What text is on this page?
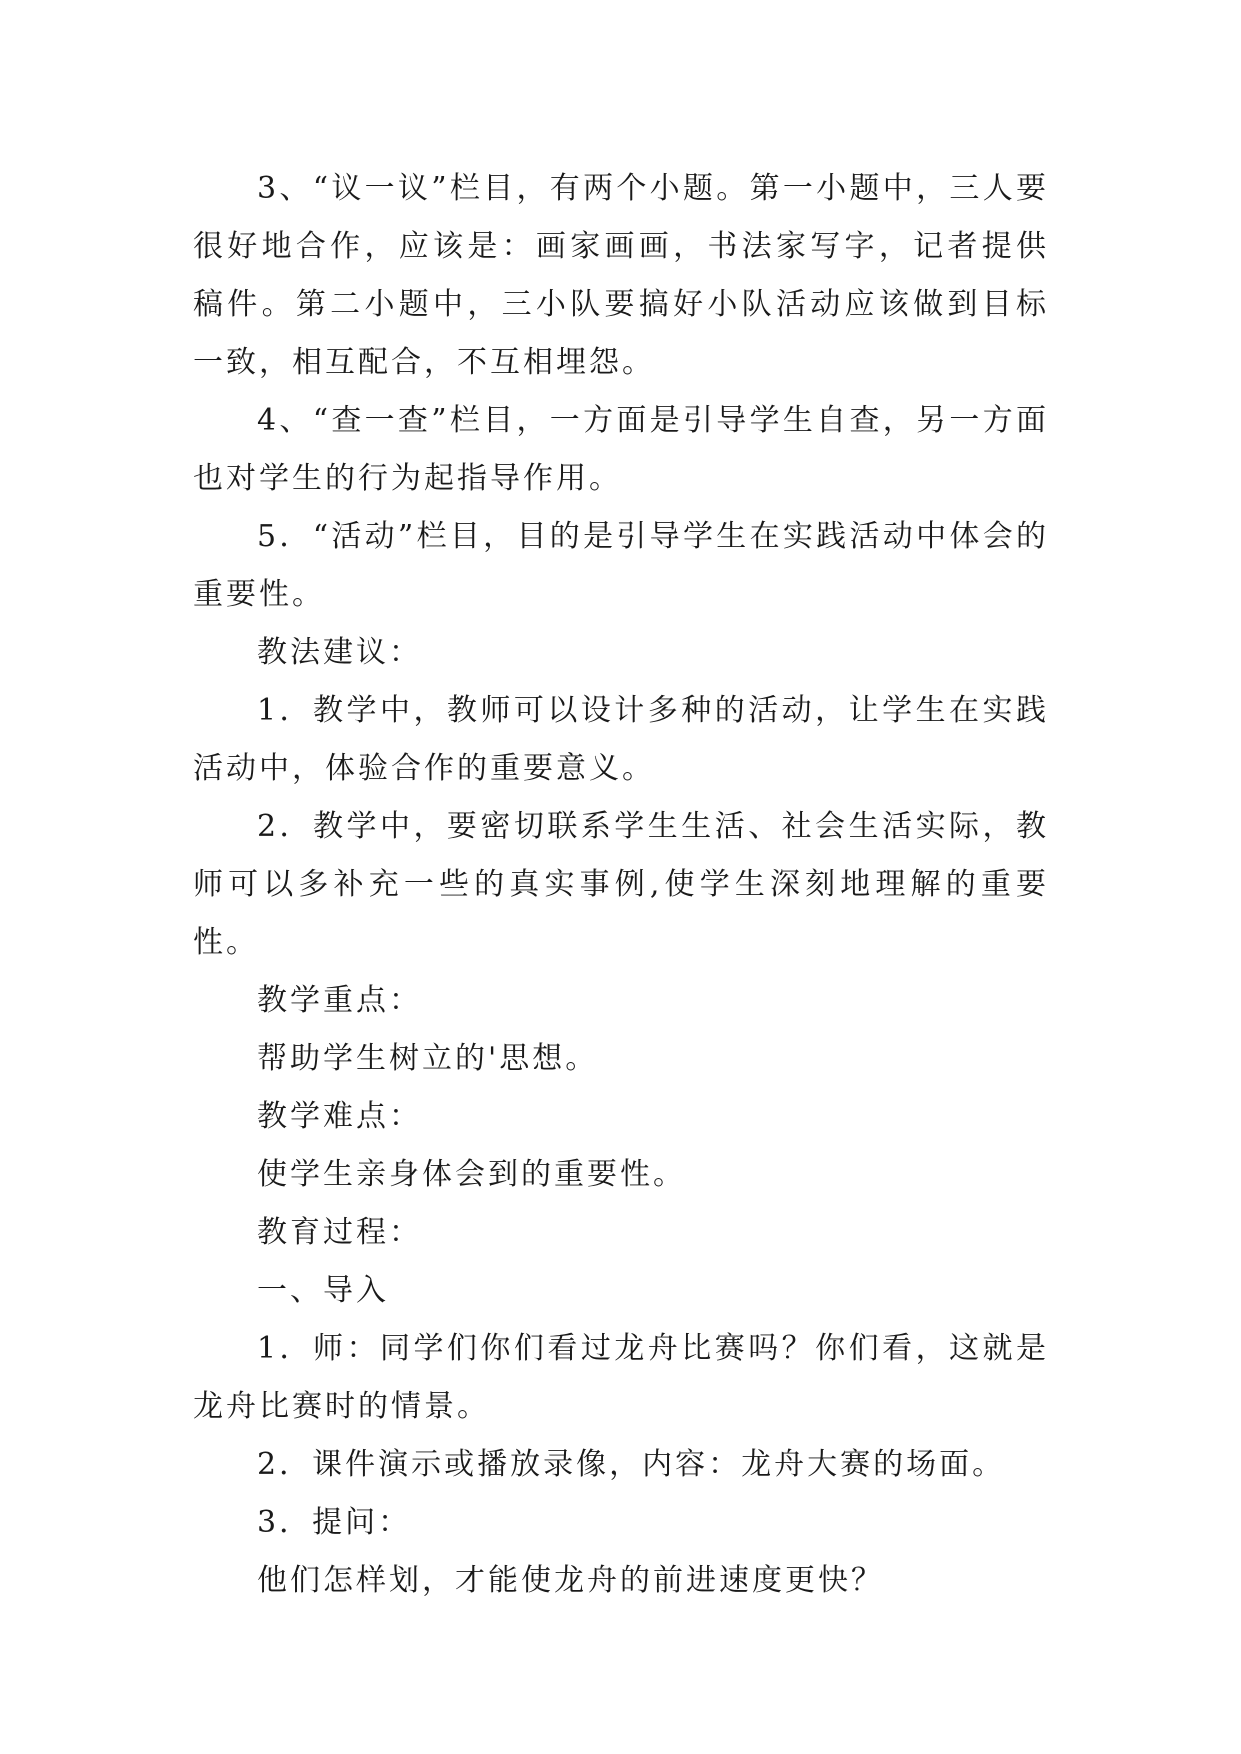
3、“议一议”栏目，有两个小题。第一小题中，三人要很好地合作，应该是：画家画画，书法家写字，记者提供稿件。第二小题中，三小队要搞好小队活动应该做到目标一致，相互配合，不互相埋怨。

4、“查一查”栏目，一方面是引导学生自查，另一方面也对学生的行为起指导作用。

5．“活动”栏目，目的是引导学生在实践活动中体会的重要性。

教法建议：

1．教学中，教师可以设计多种的活动，让学生在实践活动中，体验合作的重要意义。

2．教学中，要密切联系学生生活、社会生活实际，教师可以多补充一些的真实事例,使学生深刻地理解的重要性。

教学重点：

帮助学生树立的'思想。

教学难点：

使学生亲身体会到的重要性。

教育过程：

一、导入

1．师：同学们你们看过龙舟比赛吗？你们看，这就是龙舟比赛时的情景。

2．课件演示或播放录像，内容：龙舟大赛的场面。

3．提问：

他们怎样划，才能使龙舟的前进速度更快？
